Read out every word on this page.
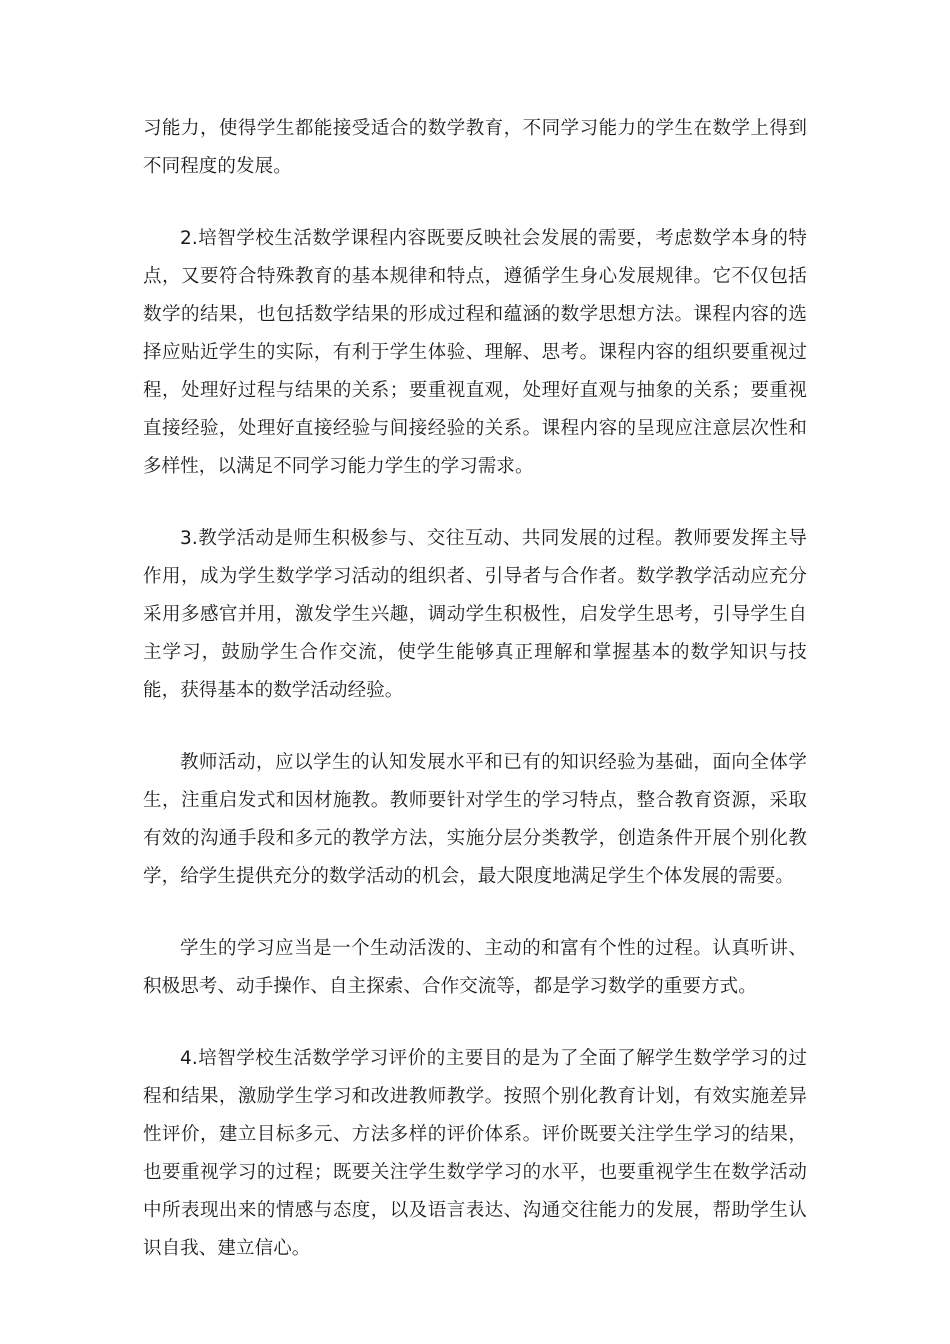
习能力，使得学生都能接受适合的数学教育，不同学习能力的学生在数学上得到不同程度的发展。

2.培智学校生活数学课程内容既要反映社会发展的需要，考虑数学本身的特点，又要符合特殊教育的基本规律和特点，遵循学生身心发展规律。它不仅包括数学的结果，也包括数学结果的形成过程和蕴涵的数学思想方法。课程内容的选择应贴近学生的实际，有利于学生体验、理解、思考。课程内容的组织要重视过程，处理好过程与结果的关系；要重视直观，处理好直观与抽象的关系；要重视直接经验，处理好直接经验与间接经验的关系。课程内容的呈现应注意层次性和多样性，以满足不同学习能力学生的学习需求。

3.教学活动是师生积极参与、交往互动、共同发展的过程。教师要发挥主导作用，成为学生数学学习活动的组织者、引导者与合作者。数学教学活动应充分采用多感官并用，激发学生兴趣，调动学生积极性，启发学生思考，引导学生自主学习，鼓励学生合作交流，使学生能够真正理解和掌握基本的数学知识与技能，获得基本的数学活动经验。

教师活动，应以学生的认知发展水平和已有的知识经验为基础，面向全体学生，注重启发式和因材施教。教师要针对学生的学习特点，整合教育资源，采取有效的沟通手段和多元的教学方法，实施分层分类教学，创造条件开展个别化教学，给学生提供充分的数学活动的机会，最大限度地满足学生个体发展的需要。

学生的学习应当是一个生动活泼的、主动的和富有个性的过程。认真听讲、积极思考、动手操作、自主探索、合作交流等，都是学习数学的重要方式。

4.培智学校生活数学学习评价的主要目的是为了全面了解学生数学学习的过程和结果，激励学生学习和改进教师教学。按照个别化教育计划，有效实施差异性评价，建立目标多元、方法多样的评价体系。评价既要关注学生学习的结果，也要重视学习的过程；既要关注学生数学学习的水平，也要重视学生在数学活动中所表现出来的情感与态度，以及语言表达、沟通交往能力的发展，帮助学生认识自我、建立信心。
